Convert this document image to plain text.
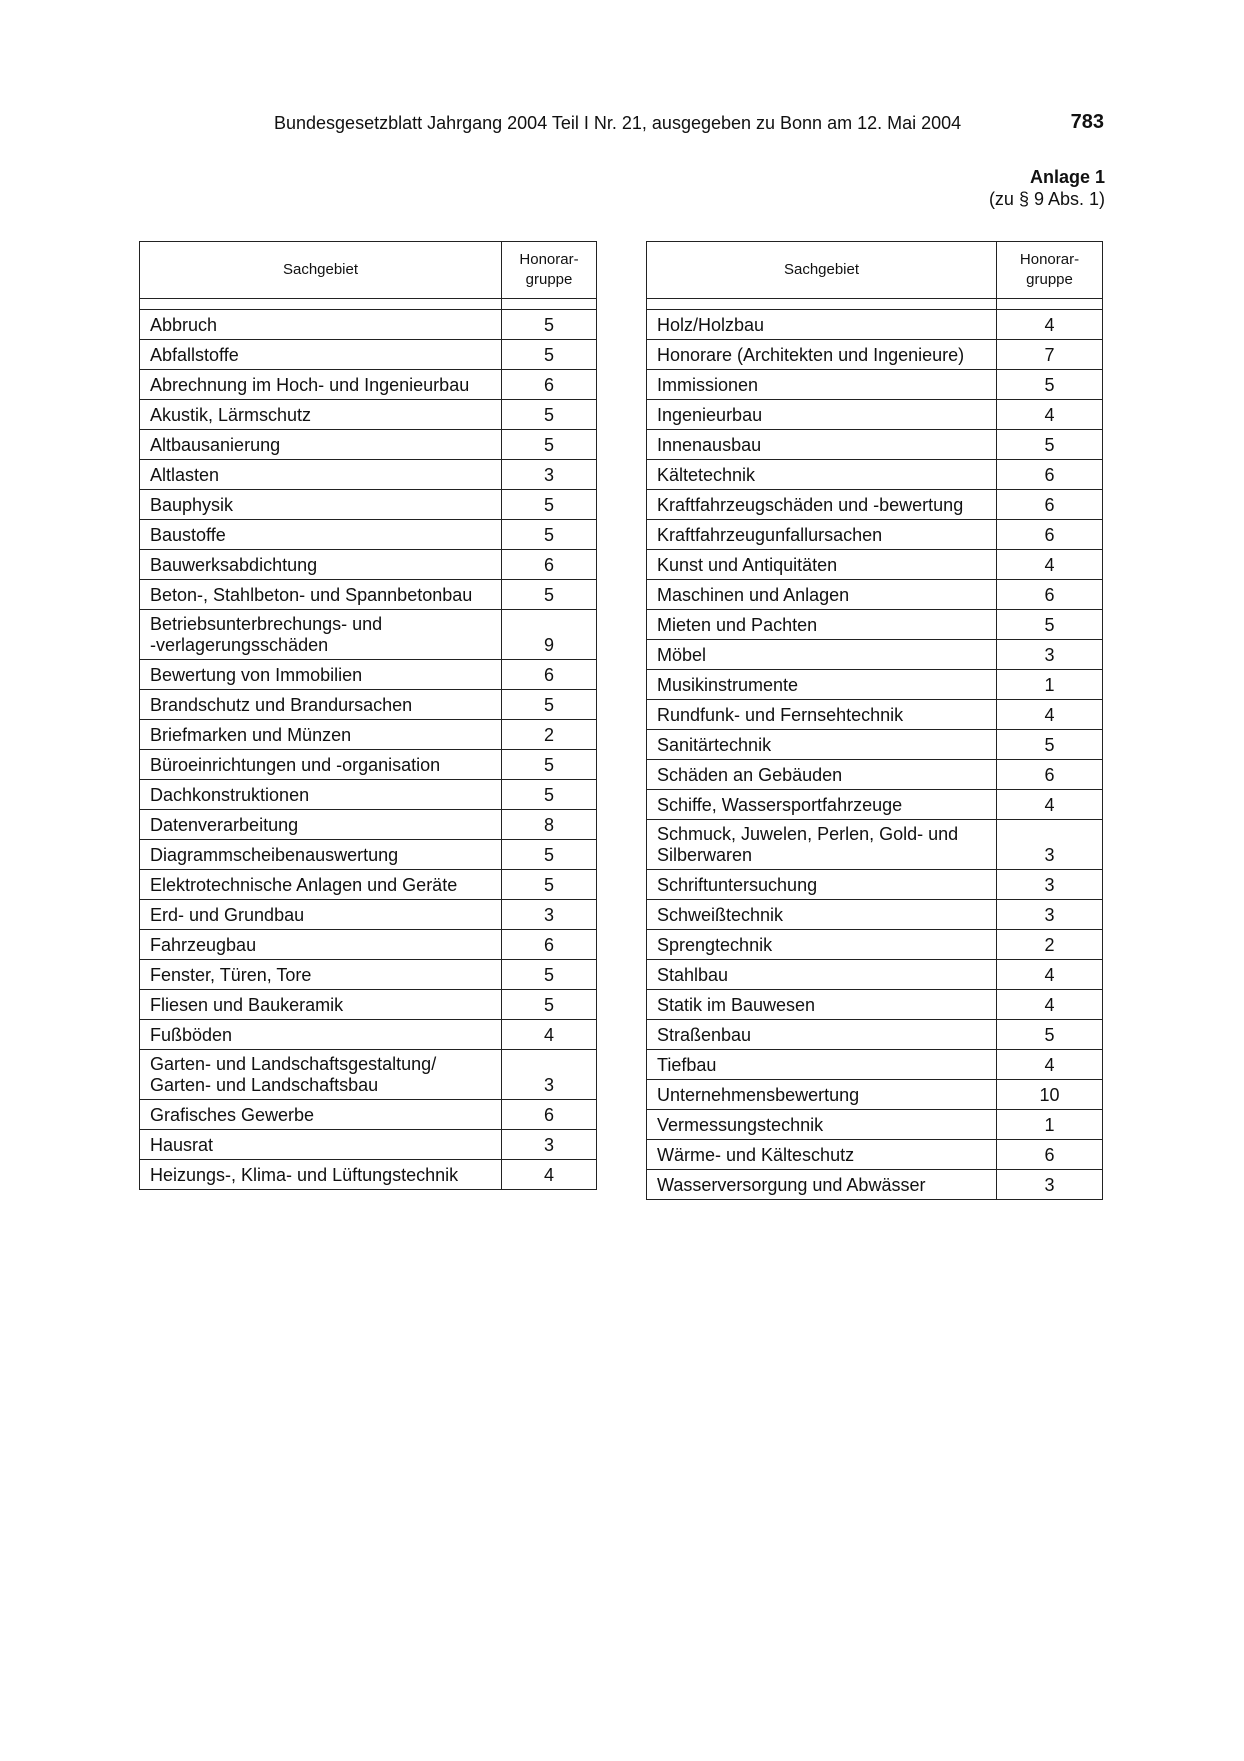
Bundesgesetzblatt Jahrgang 2004 Teil I Nr. 21, ausgegeben zu Bonn am 12. Mai 2004	783
Anlage 1
(zu § 9 Abs. 1)
Sachgebiet	Honorar-
gruppe

Abbruch	5
Abfallstoffe	5
Abrechnung im Hoch- und Ingenieurbau	6
Akustik, Lärmschutz	5
Altbausanierung	5
Altlasten	3
Bauphysik	5
Baustoffe	5
Bauwerksabdichtung	6
Beton-, Stahlbeton- und Spannbetonbau	5
Betriebsunterbrechungs- und
-verlagerungsschäden	9
Bewertung von Immobilien	6
Brandschutz und Brandursachen	5
Briefmarken und Münzen	2
Büroeinrichtungen und -organisation	5
Dachkonstruktionen	5
Datenverarbeitung	8
Diagrammscheibenauswertung	5
Elektrotechnische Anlagen und Geräte	5
Erd- und Grundbau	3
Fahrzeugbau	6
Fenster, Türen, Tore	5
Fliesen und Baukeramik	5
Fußböden	4
Garten- und Landschaftsgestaltung/
Garten- und Landschaftsbau	3
Grafisches Gewerbe	6
Hausrat	3
Heizungs-, Klima- und Lüftungstechnik	4
Sachgebiet	Honorar-
gruppe

Holz/Holzbau	4
Honorare (Architekten und Ingenieure)	7
Immissionen	5
Ingenieurbau	4
Innenausbau	5
Kältetechnik	6
Kraftfahrzeugschäden und -bewertung	6
Kraftfahrzeugunfallursachen	6
Kunst und Antiquitäten	4
Maschinen und Anlagen	6
Mieten und Pachten	5
Möbel	3
Musikinstrumente	1
Rundfunk- und Fernsehtechnik	4
Sanitärtechnik	5
Schäden an Gebäuden	6
Schiffe, Wassersportfahrzeuge	4
Schmuck, Juwelen, Perlen, Gold- und
Silberwaren	3
Schriftuntersuchung	3
Schweißtechnik	3
Sprengtechnik	2
Stahlbau	4
Statik im Bauwesen	4
Straßenbau	5
Tiefbau	4
Unternehmensbewertung	10
Vermessungstechnik	1
Wärme- und Kälteschutz	6
Wasserversorgung und Abwässer	3
